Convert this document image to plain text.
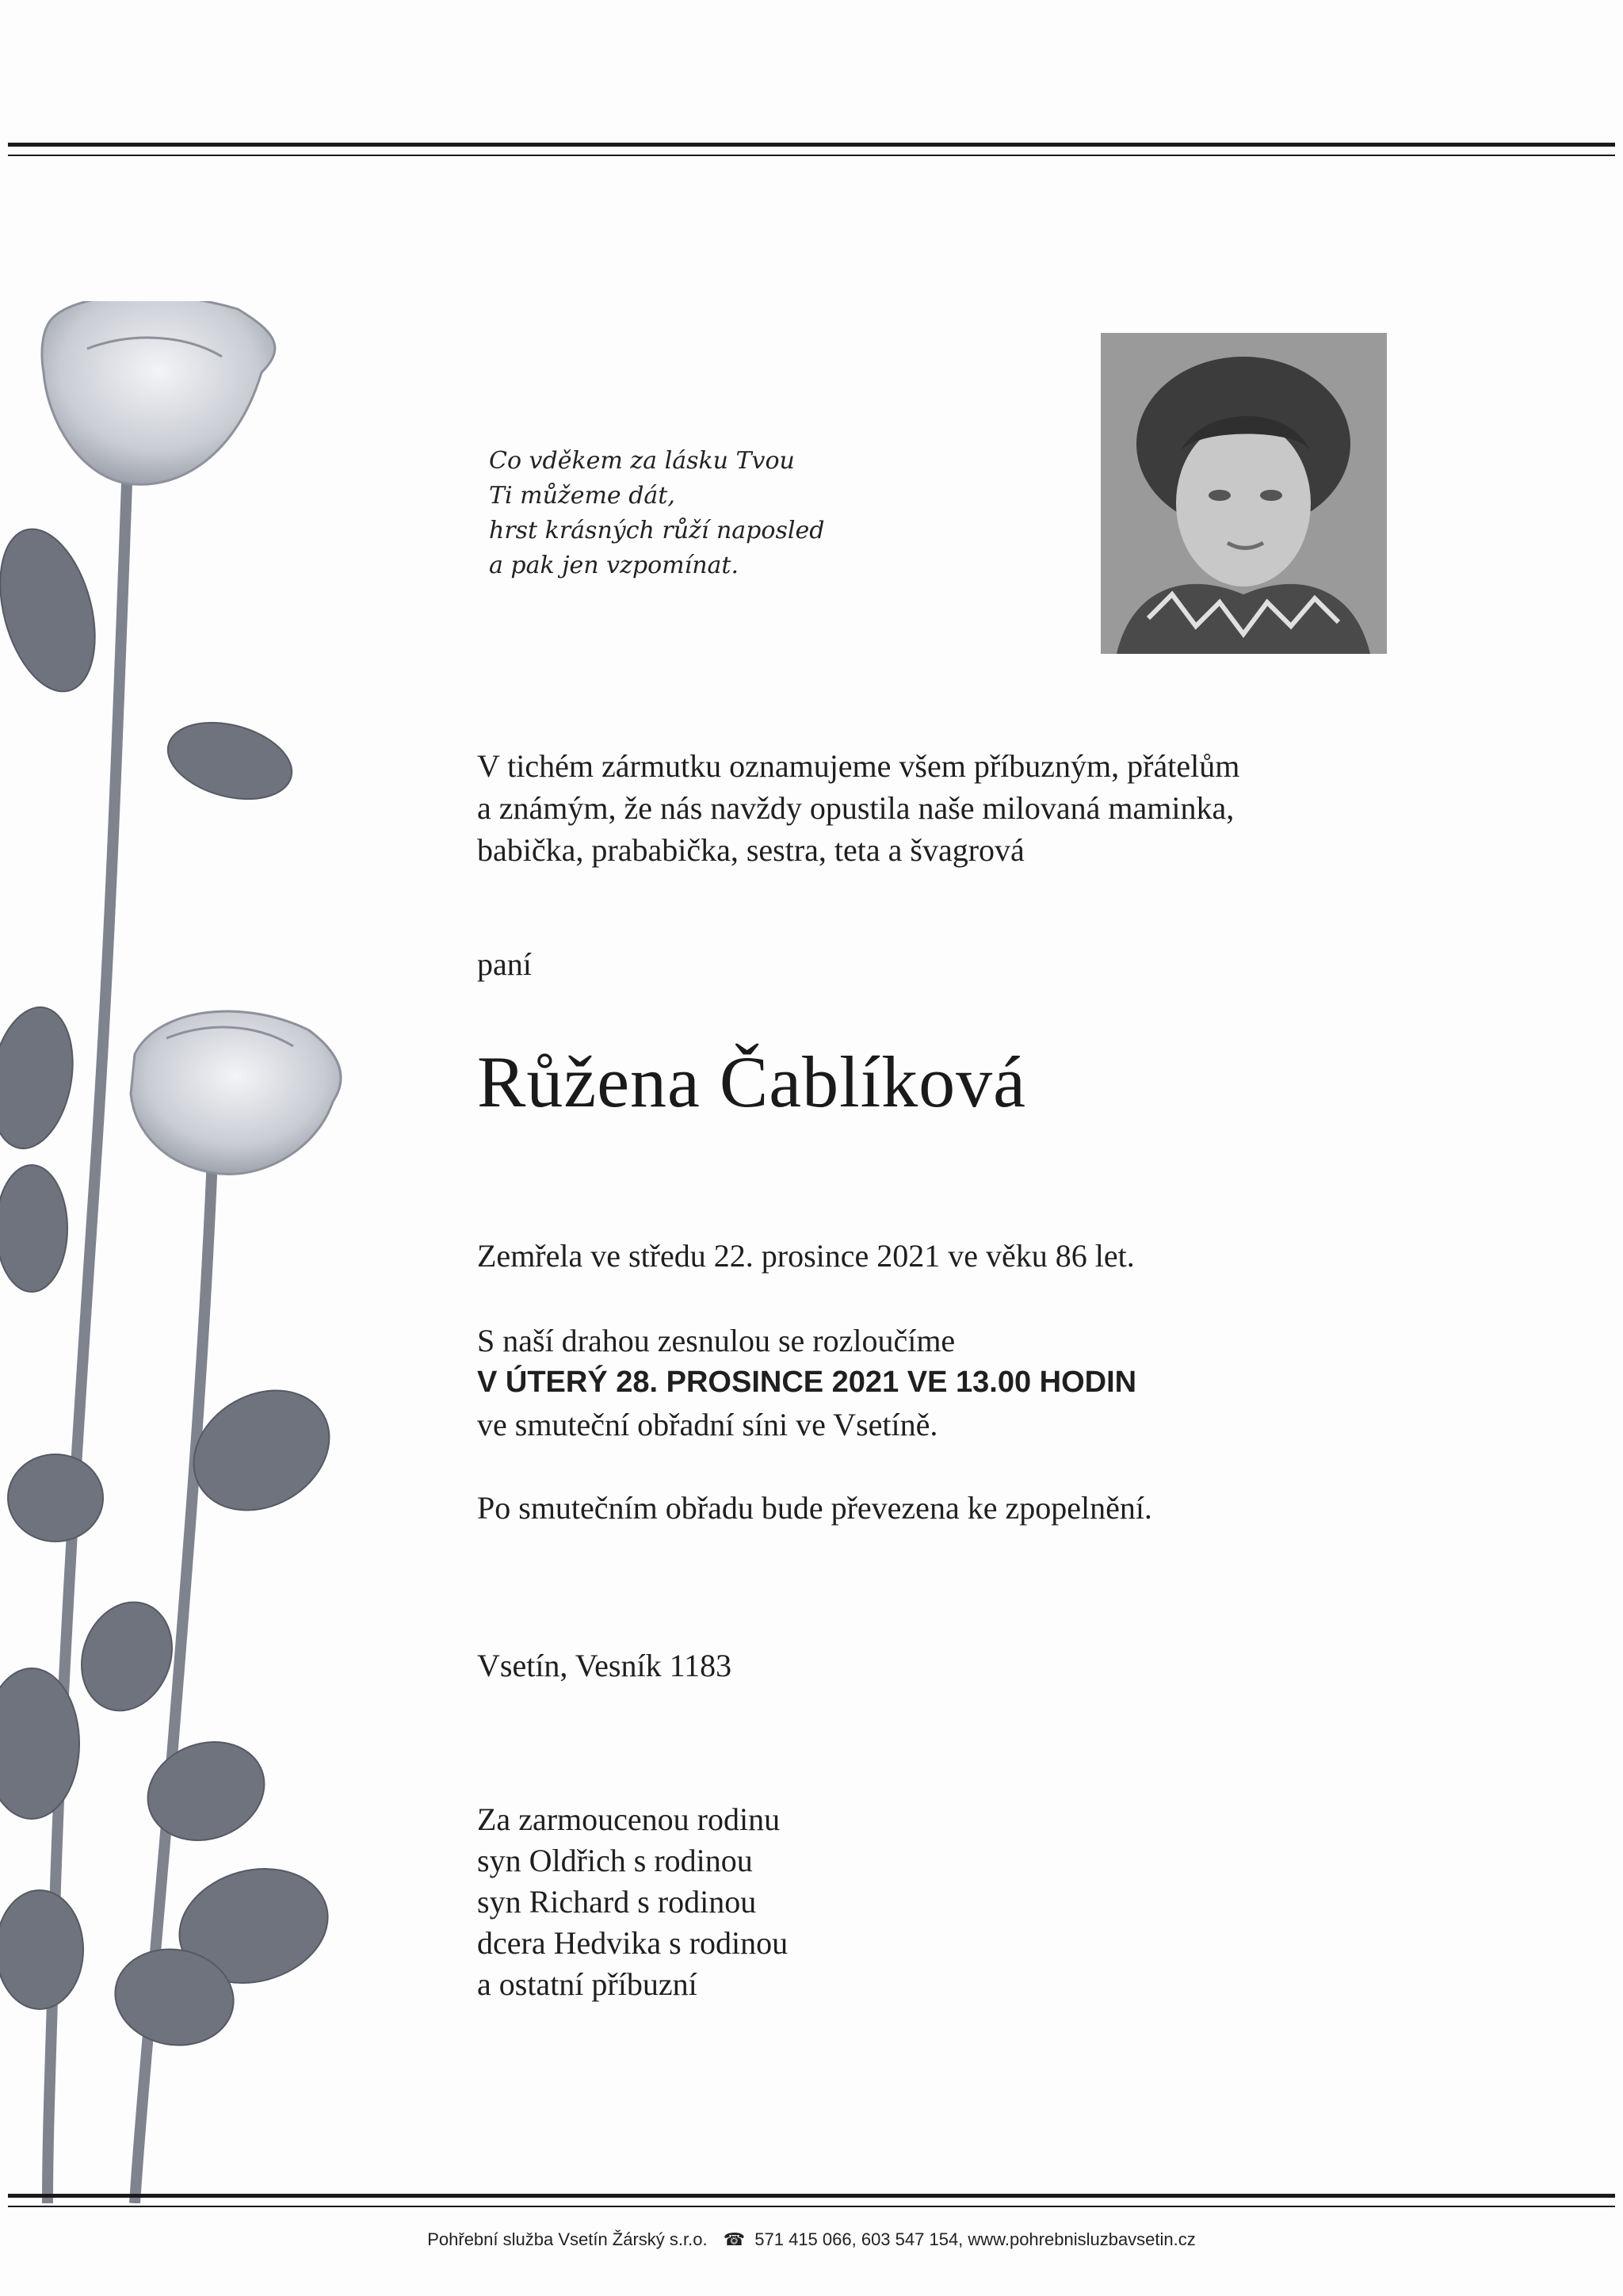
Co vděkem za lásku Tvou
Ti můžeme dát,
hrst krásných růží naposled
a pak jen vzpomínat.
V tichém zármutku oznamujeme všem příbuzným, přátelům
a známým, že nás navždy opustila naše milovaná maminka,
babička, prababička, sestra, teta a švagrová
paní
Růžena Čablíková
Zemřela ve středu 22. prosince 2021 ve věku 86 let.
S naší drahou zesnulou se rozloučíme
V ÚTERÝ 28. PROSINCE 2021 VE 13.00 HODIN
ve smuteční obřadní síni ve Vsetíně.
Po smutečním obřadu bude převezena ke zpopelnění.
Vsetín, Vesník 1183
Za zarmoucenou rodinu
syn Oldřich s rodinou
syn Richard s rodinou
dcera Hedvika s rodinou
a ostatní příbuzní
Pohřební služba Vsetín Žárský s.r.o. ☎ 571 415 066, 603 547 154, www.pohrebnisluzbavsetin.cz
